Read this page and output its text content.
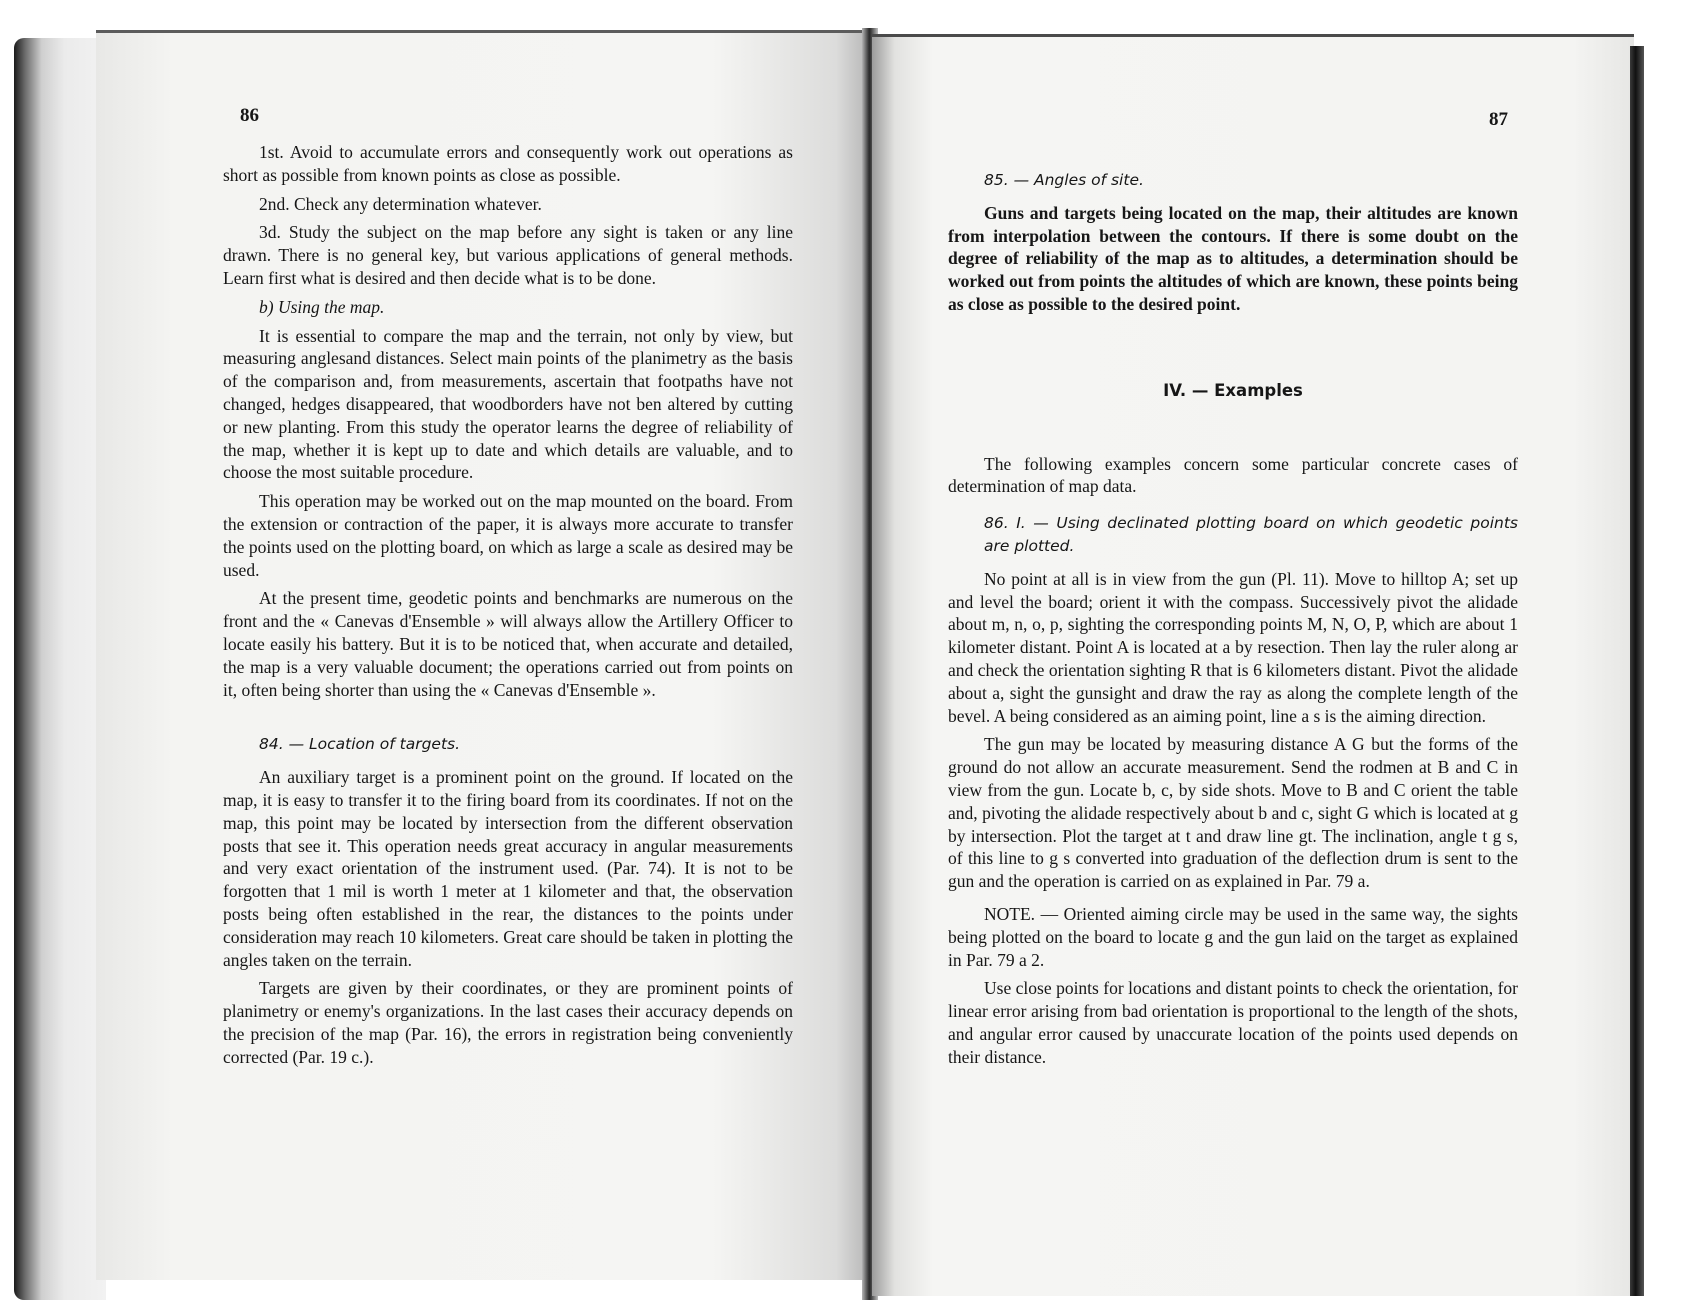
86

1st. Avoid to accumulate errors and consequently work out operations as short as possible from known points as close as possible.

2nd. Check any determination whatever.

3d. Study the subject on the map before any sight is taken or any line drawn. There is no general key, but various applications of general methods. Learn first what is desired and then decide what is to be done.

b) Using the map.

It is essential to compare the map and the terrain, not only by view, but measuring anglesand distances. Select main points of the planimetry as the basis of the comparison and, from measurements, ascertain that footpaths have not changed, hedges disappeared, that woodborders have not ben altered by cutting or new planting. From this study the operator learns the degree of reliability of the map, whether it is kept up to date and which details are valuable, and to choose the most suitable procedure.

This operation may be worked out on the map mounted on the board. From the extension or contraction of the paper, it is always more accurate to transfer the points used on the plotting board, on which as large a scale as desired may be used.

At the present time, geodetic points and benchmarks are numerous on the front and the « Canevas d'Ensemble » will always allow the Artillery Officer to locate easily his battery. But it is to be noticed that, when accurate and detailed, the map is a very valuable document; the operations carried out from points on it, often being shorter than using the « Canevas d'Ensemble ».

84. — Location of targets.

An auxiliary target is a prominent point on the ground. If located on the map, it is easy to transfer it to the firing board from its coordinates. If not on the map, this point may be located by intersection from the different observation posts that see it. This operation needs great accuracy in angular measurements and very exact orientation of the instrument used. (Par. 74). It is not to be forgotten that 1 mil is worth 1 meter at 1 kilometer and that, the observation posts being often established in the rear, the distances to the points under consideration may reach 10 kilometers. Great care should be taken in plotting the angles taken on the terrain.

Targets are given by their coordinates, or they are prominent points of planimetry or enemy's organizations. In the last cases their accuracy depends on the precision of the map (Par. 16), the errors in registration being conveniently corrected (Par. 19 c.).

87
85. — Angles of site.

Guns and targets being located on the map, their altitudes are known from interpolation between the contours. If there is some doubt on the degree of reliability of the map as to altitudes, a determination should be worked out from points the altitudes of which are known, these points being as close as possible to the desired point.

IV. — Examples

The following examples concern some particular concrete cases of determination of map data.

86. I. — Using declinated plotting board on which geodetic points are plotted.

No point at all is in view from the gun (Pl. 11). Move to hilltop A; set up and level the board; orient it with the compass. Successively pivot the alidade about m, n, o, p, sighting the corresponding points M, N, O, P, which are about 1 kilometer distant. Point A is located at a by resection. Then lay the ruler along ar and check the orientation sighting R that is 6 kilometers distant. Pivot the alidade about a, sight the gunsight and draw the ray as along the complete length of the bevel. A being considered as an aiming point, line a s is the aiming direction.

The gun may be located by measuring distance A G but the forms of the ground do not allow an accurate measurement. Send the rodmen at B and C in view from the gun. Locate b, c, by side shots. Move to B and C orient the table and, pivoting the alidade respectively about b and c, sight G which is located at g by intersection. Plot the target at t and draw line gt. The inclination, angle t g s, of this line to g s converted into graduation of the deflection drum is sent to the gun and the operation is carried on as explained in Par. 79 a.

NOTE. — Oriented aiming circle may be used in the same way, the sights being plotted on the board to locate g and the gun laid on the target as explained in Par. 79 a 2.

Use close points for locations and distant points to check the orientation, for linear error arising from bad orientation is proportional to the length of the shots, and angular error caused by unaccurate location of the points used depends on their distance.
